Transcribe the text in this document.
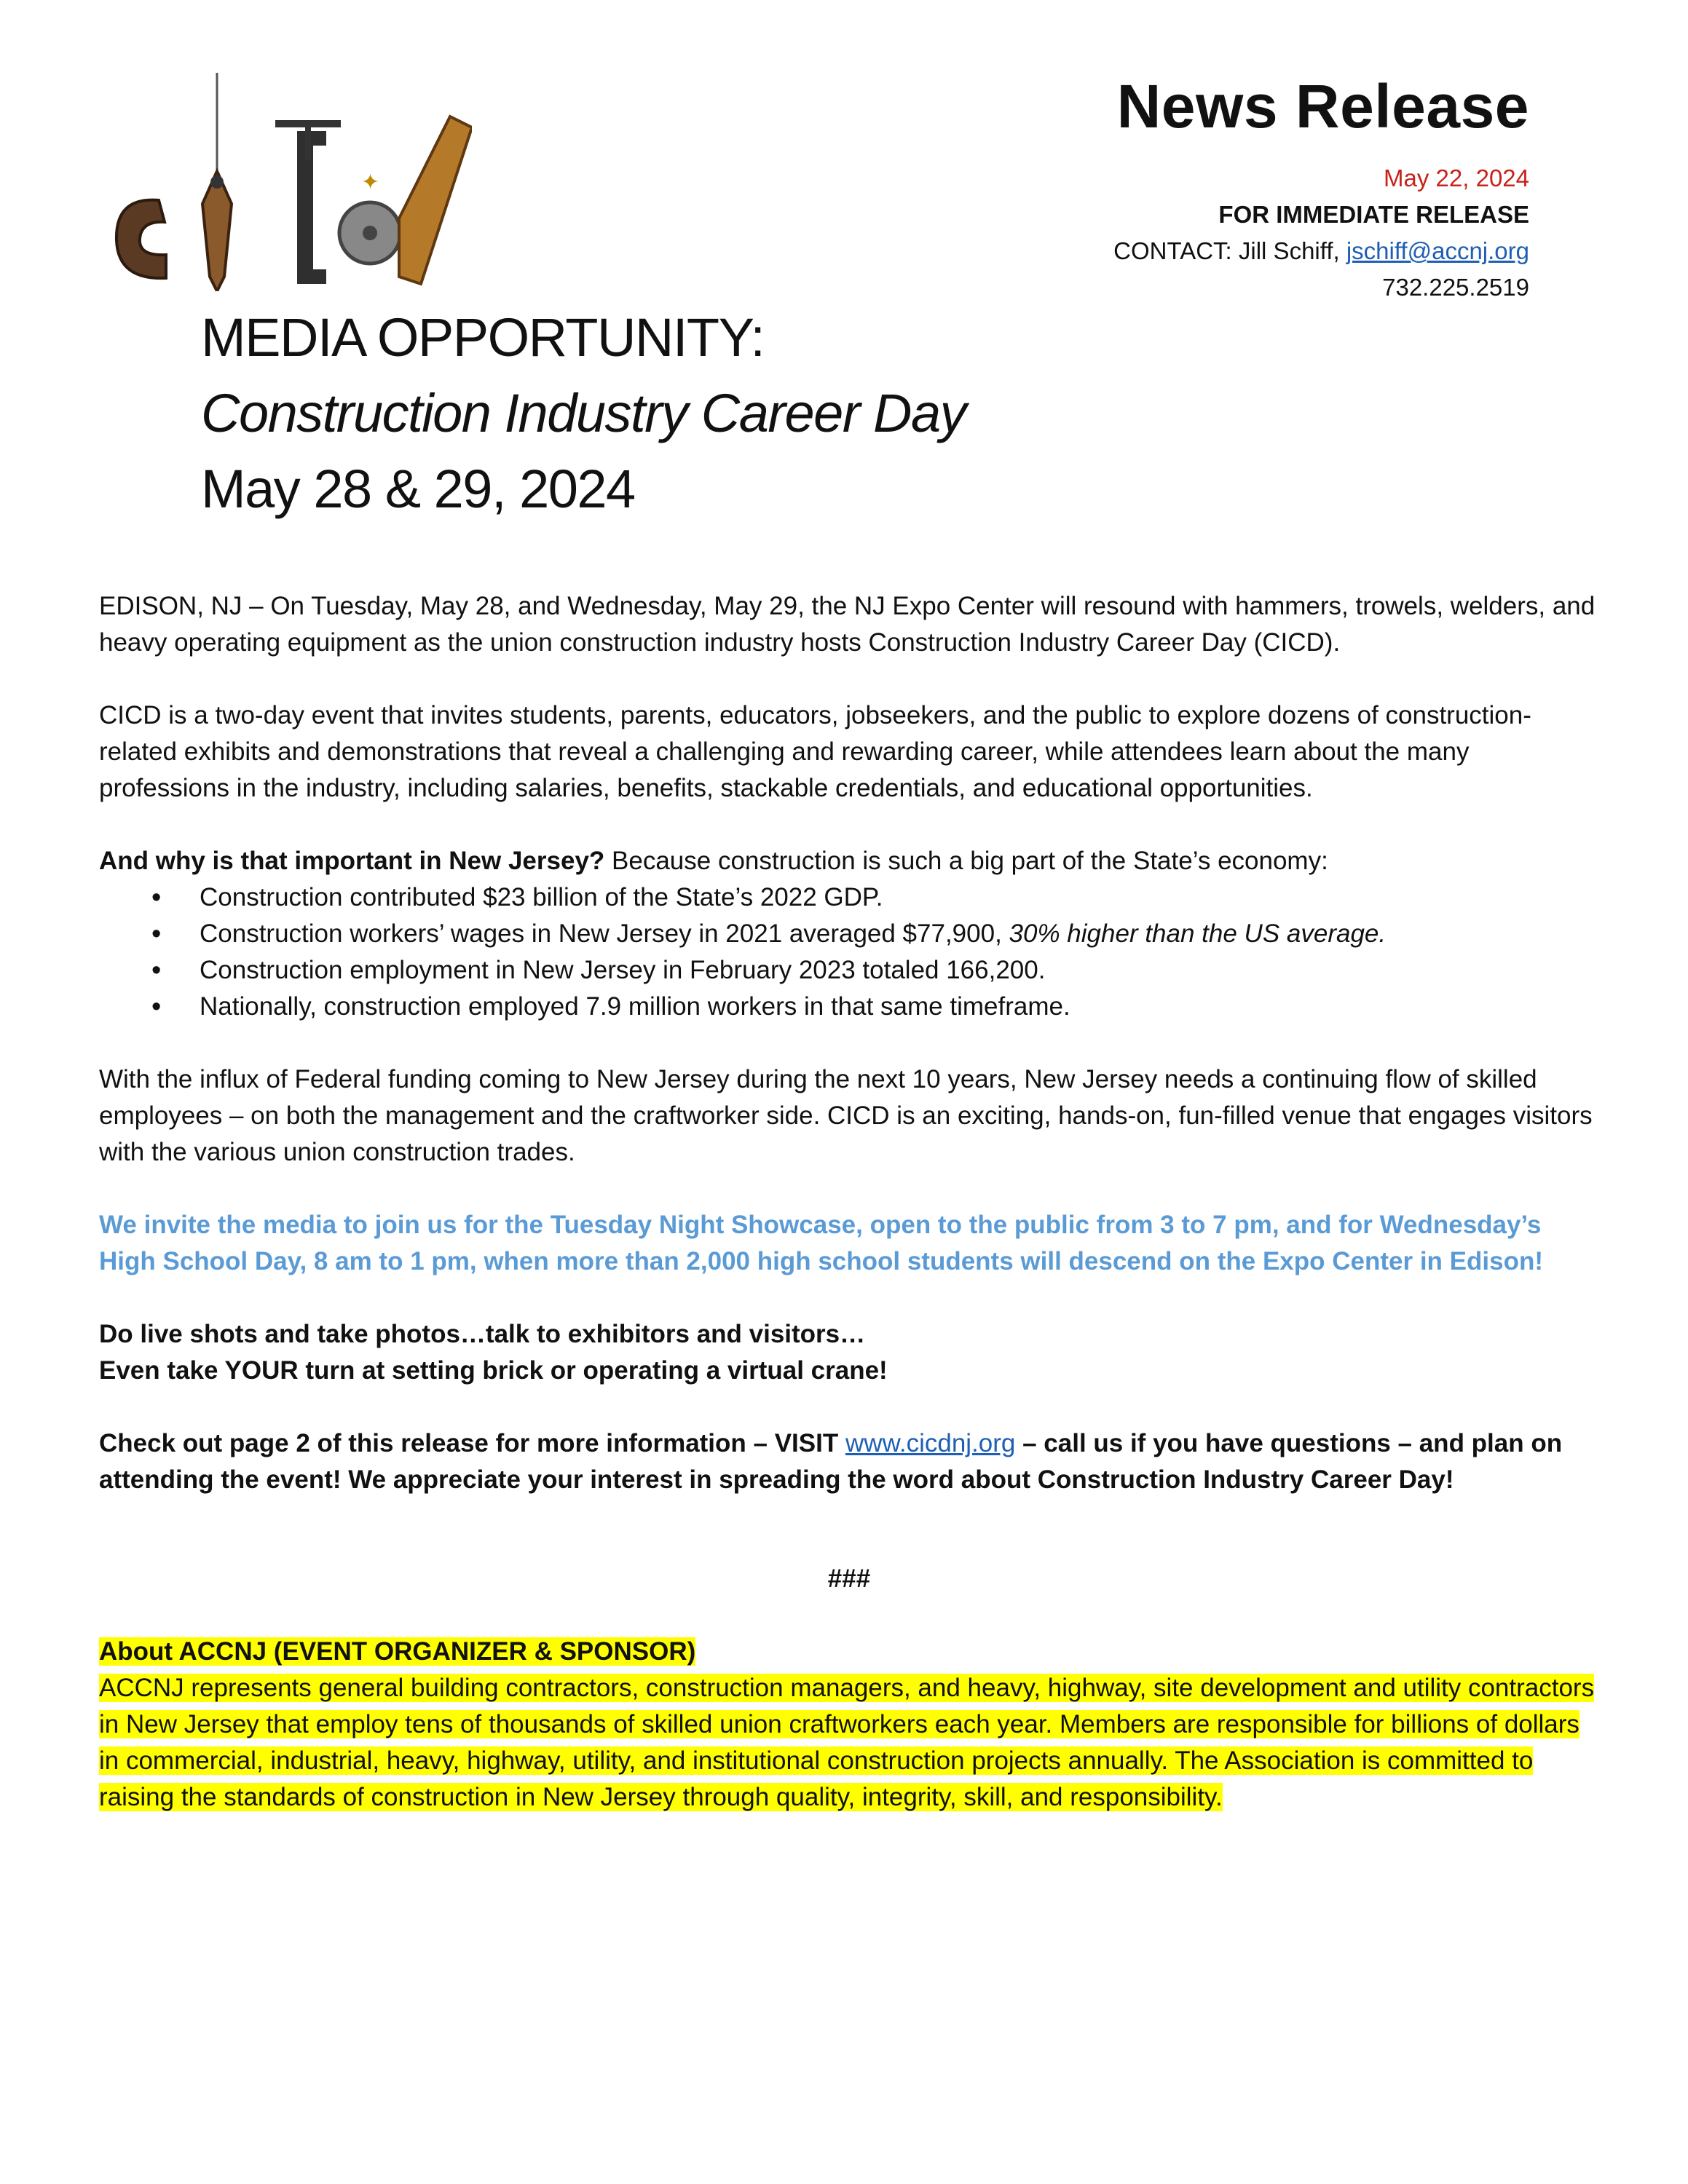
✦
News Release
May 22, 2024
FOR IMMEDIATE RELEASE
CONTACT: Jill Schiff, jschiff@accnj.org
732.225.2519
MEDIA OPPORTUNITY:
Construction Industry Career Day
May 28 & 29, 2024

EDISON, NJ – On Tuesday, May 28, and Wednesday, May 29, the NJ Expo Center will resound with hammers, trowels, welders, and heavy operating equipment as the union construction industry hosts Construction Industry Career Day (CICD).

CICD is a two-day event that invites students, parents, educators, jobseekers, and the public to explore dozens of construction-related exhibits and demonstrations that reveal a challenging and rewarding career, while attendees learn about the many professions in the industry, including salaries, benefits, stackable credentials, and educational opportunities.

And why is that important in New Jersey? Because construction is such a big part of the State’s economy:

• Construction contributed $23 billion of the State’s 2022 GDP.
• Construction workers’ wages in New Jersey in 2021 averaged $77,900, 30% higher than the US average.
• Construction employment in New Jersey in February 2023 totaled 166,200.
• Nationally, construction employed 7.9 million workers in that same timeframe.

With the influx of Federal funding coming to New Jersey during the next 10 years, New Jersey needs a continuing flow of skilled employees – on both the management and the craftworker side. CICD is an exciting, hands-on, fun-filled venue that engages visitors with the various union construction trades.

We invite the media to join us for the Tuesday Night Showcase, open to the public from 3 to 7 pm, and for Wednesday’s High School Day, 8 am to 1 pm, when more than 2,000 high school students will descend on the Expo Center in Edison!

Do live shots and take photos…talk to exhibitors and visitors…
Even take YOUR turn at setting brick or operating a virtual crane!

Check out page 2 of this release for more information – VISIT www.cicdnj.org – call us if you have questions – and plan on attending the event! We appreciate your interest in spreading the word about Construction Industry Career Day!

###
About ACCNJ (EVENT ORGANIZER & SPONSOR)
ACCNJ represents general building contractors, construction managers, and heavy, highway, site development and utility contractors in New Jersey that employ tens of thousands of skilled union craftworkers each year. Members are responsible for billions of dollars in commercial, industrial, heavy, highway, utility, and institutional construction projects annually. The Association is committed to raising the standards of construction in New Jersey through quality, integrity, skill, and responsibility.
